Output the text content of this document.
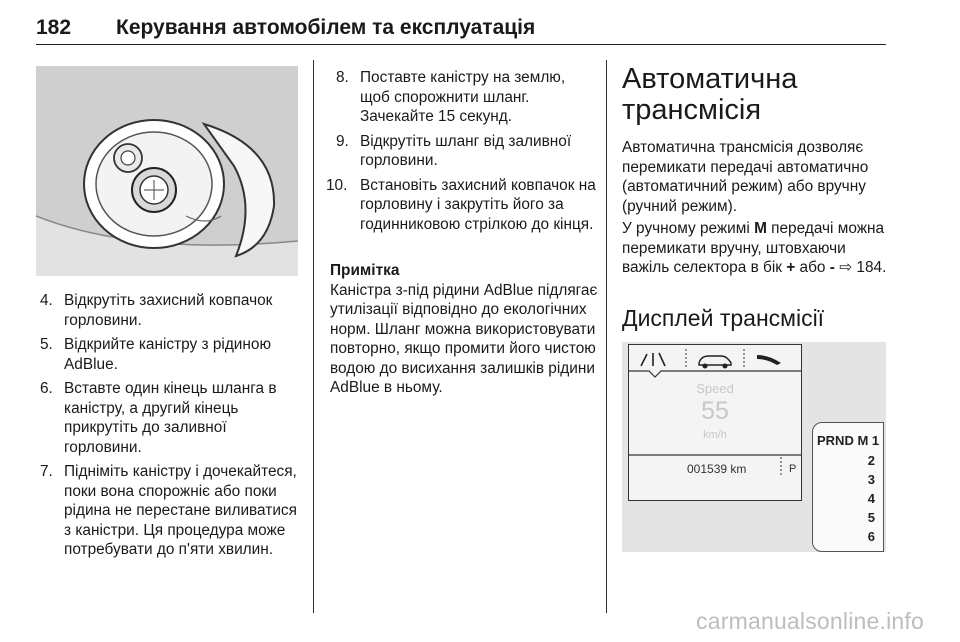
182 Керування автомобілем та експлуатація
4. Відкрутіть захисний ковпачок горловини.
5. Відкрийте каністру з рідиною AdBlue.
6. Вставте один кінець шланга в каністру, а другий кінець прикрутіть до заливної горловини.
7. Підніміть каністру і дочекайтеся, поки вона спорожніє або поки рідина не перестане виливатися з каністри. Ця процедура може потребувати до п'яти хвилин.
8. Поставте каністру на землю, щоб спорожнити шланг. Зачекайте 15 секунд.
9. Відкрутіть шланг від заливної горловини.
10. Встановіть захисний ковпачок на горловину і закрутіть його за годинниковою стрілкою до кінця.
Примітка
Каністра з-під рідини AdBlue підлягає утилізації відповідно до екологічних норм. Шланг можна використовувати повторно, якщо промити його чистою водою до висихання залишків рідини AdBlue в ньому.
Автоматична трансмісія

Автоматична трансмісія дозволяє перемикати передачі автоматично (автоматичний режим) або вручну (ручний режим).

У ручному режимі M передачі можна перемикати вручну, штовхаючи важіль селектора в бік + або - ⇨ 184.

Дисплей трансмісії
Speed
55
km/h
001539 km	P
PRND M 1
2
3
4
5
6
carmanualsonline.info
